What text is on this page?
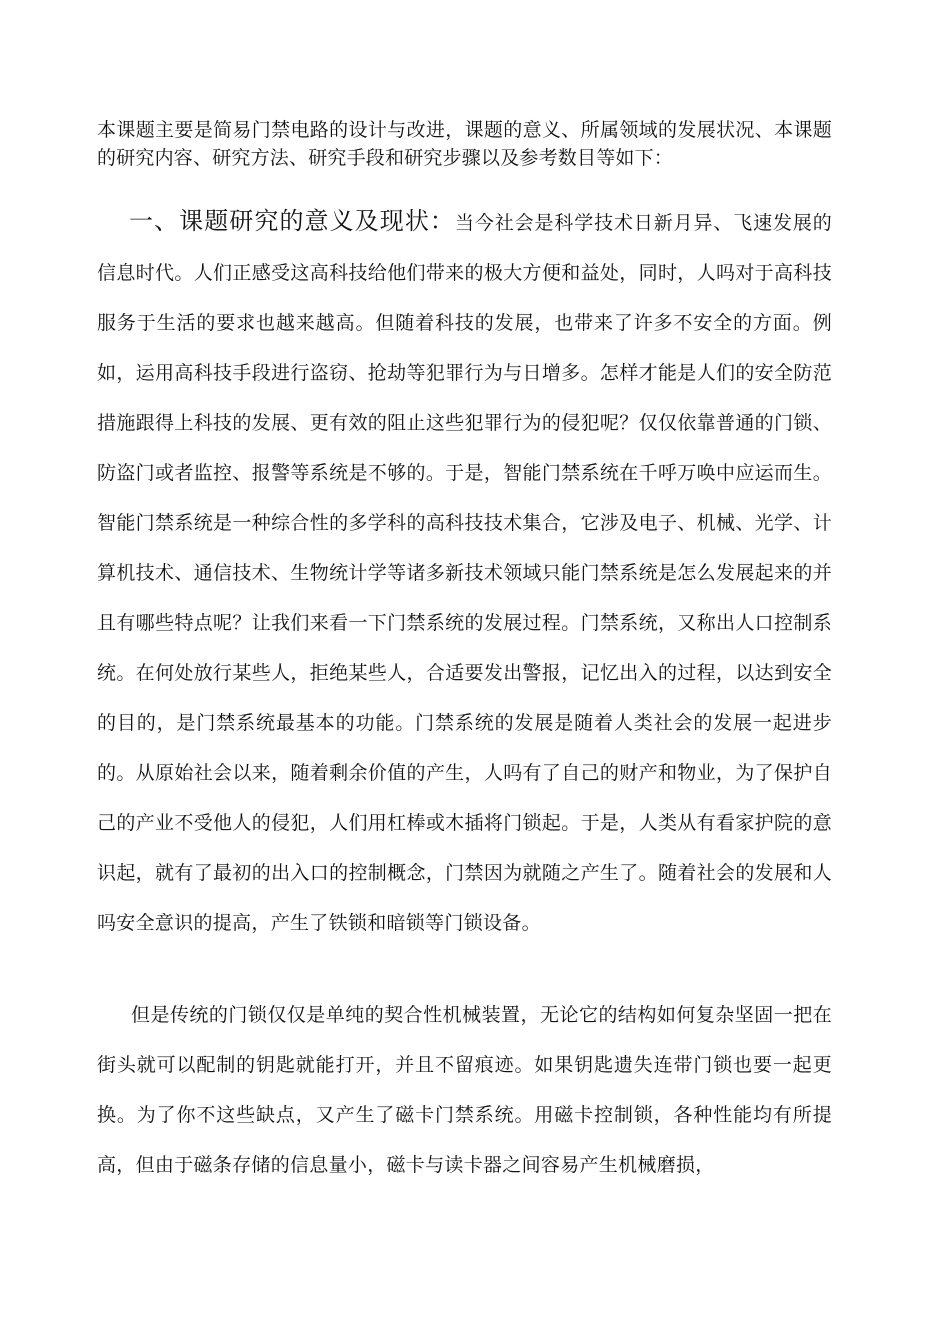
本课题主要是简易门禁电路的设计与改进，课题的意义、所属领域的发展状况、本课题的研究内容、研究方法、研究手段和研究步骤以及参考数目等如下：

一、课题研究的意义及现状：当今社会是科学技术日新月异、飞速发展的信息时代。人们正感受这高科技给他们带来的极大方便和益处，同时，人吗对于高科技服务于生活的要求也越来越高。但随着科技的发展，也带来了许多不安全的方面。例如，运用高科技手段进行盗窃、抢劫等犯罪行为与日增多。怎样才能是人们的安全防范措施跟得上科技的发展、更有效的阻止这些犯罪行为的侵犯呢？仅仅依靠普通的门锁、防盗门或者监控、报警等系统是不够的。于是，智能门禁系统在千呼万唤中应运而生。智能门禁系统是一种综合性的多学科的高科技技术集合，它涉及电子、机械、光学、计算机技术、通信技术、生物统计学等诸多新技术领域只能门禁系统是怎么发展起来的并且有哪些特点呢？让我们来看一下门禁系统的发展过程。门禁系统，又称出人口控制系统。在何处放行某些人，拒绝某些人，合适要发出警报，记忆出入的过程，以达到安全的目的，是门禁系统最基本的功能。门禁系统的发展是随着人类社会的发展一起进步的。从原始社会以来，随着剩余价值的产生，人吗有了自己的财产和物业，为了保护自己的产业不受他人的侵犯，人们用杠棒或木插将门锁起。于是，人类从有看家护院的意识起，就有了最初的出入口的控制概念，门禁因为就随之产生了。随着社会的发展和人吗安全意识的提高，产生了铁锁和暗锁等门锁设备。

但是传统的门锁仅仅是单纯的契合性机械装置，无论它的结构如何复杂坚固一把在街头就可以配制的钥匙就能打开，并且不留痕迹。如果钥匙遗失连带门锁也要一起更换。为了你不这些缺点，又产生了磁卡门禁系统。用磁卡控制锁，各种性能均有所提高，但由于磁条存储的信息量小，磁卡与读卡器之间容易产生机械磨损，
